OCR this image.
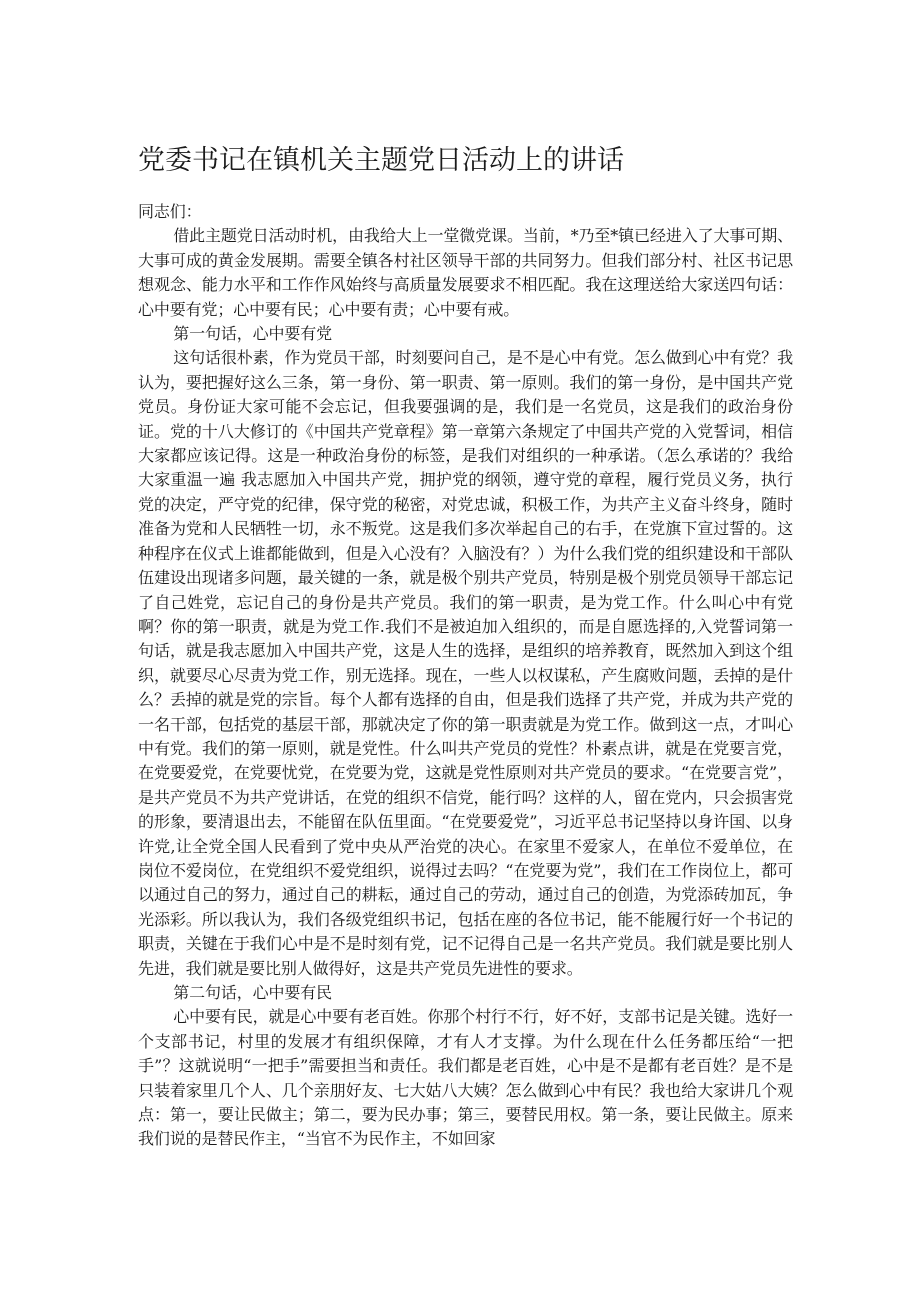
党委书记在镇机关主题党日活动上的讲话

同志们：

借此主题党日活动时机，由我给大上一堂微党课。当前，*乃至*镇已经进入了大事可期、大事可成的黄金发展期。需要全镇各村社区领导干部的共同努力。但我们部分村、社区书记思想观念、能力水平和工作作风始终与高质量发展要求不相匹配。我在这理送给大家送四句话：心中要有党；心中要有民；心中要有责；心中要有戒。

第一句话，心中要有党

这句话很朴素，作为党员干部，时刻要问自己，是不是心中有党。怎么做到心中有党？我认为，要把握好这么三条，第一身份、第一职责、第一原则。我们的第一身份，是中国共产党党员。身份证大家可能不会忘记，但我要强调的是，我们是一名党员，这是我们的政治身份证。党的十八大修订的《中国共产党章程》第一章第六条规定了中国共产党的入党誓词，相信大家都应该记得。这是一种政治身份的标签，是我们对组织的一种承诺。（怎么承诺的？我给大家重温一遍 我志愿加入中国共产党，拥护党的纲领，遵守党的章程，履行党员义务，执行党的决定，严守党的纪律，保守党的秘密，对党忠诚，积极工作，为共产主义奋斗终身，随时准备为党和人民牺牲一切，永不叛党。这是我们多次举起自己的右手，在党旗下宣过誓的。这种程序在仪式上谁都能做到，但是入心没有？入脑没有？）为什么我们党的组织建设和干部队伍建设出现诸多问题，最关键的一条，就是极个别共产党员，特别是极个别党员领导干部忘记了自己姓党，忘记自己的身份是共产党员。我们的第一职责，是为党工作。什么叫心中有党啊？你的第一职责，就是为党工作.我们不是被迫加入组织的，而是自愿选择的,入党誓词第一句话，就是我志愿加入中国共产党，这是人生的选择，是组织的培养教育，既然加入到这个组织，就要尽心尽责为党工作，别无选择。现在，一些人以权谋私，产生腐败问题，丢掉的是什么？丢掉的就是党的宗旨。每个人都有选择的自由，但是我们选择了共产党，并成为共产党的一名干部，包括党的基层干部，那就决定了你的第一职责就是为党工作。做到这一点，才叫心中有党。我们的第一原则，就是党性。什么叫共产党员的党性？朴素点讲，就是在党要言党，在党要爱党，在党要忧党，在党要为党，这就是党性原则对共产党员的要求。“在党要言党”，是共产党员不为共产党讲话，在党的组织不信党，能行吗？这样的人，留在党内，只会损害党的形象，要清退出去，不能留在队伍里面。“在党要爱党”，习近平总书记坚持以身许国、以身许党,让全党全国人民看到了党中央从严治党的决心。在家里不爱家人，在单位不爱单位，在岗位不爱岗位，在党组织不爱党组织，说得过去吗？“在党要为党”，我们在工作岗位上，都可以通过自己的努力，通过自己的耕耘，通过自己的劳动，通过自己的创造，为党添砖加瓦，争光添彩。所以我认为，我们各级党组织书记，包括在座的各位书记，能不能履行好一个书记的职责，关键在于我们心中是不是时刻有党，记不记得自己是一名共产党员。我们就是要比别人先进，我们就是要比别人做得好，这是共产党员先进性的要求。

第二句话，心中要有民

心中要有民，就是心中要有老百姓。你那个村行不行，好不好，支部书记是关键。选好一个支部书记，村里的发展才有组织保障，才有人才支撑。为什么现在什么任务都压给“一把手”？这就说明“一把手”需要担当和责任。我们都是老百姓，心中是不是都有老百姓？是不是只装着家里几个人、几个亲朋好友、七大姑八大姨？怎么做到心中有民？我也给大家讲几个观点：第一，要让民做主；第二，要为民办事；第三，要替民用权。第一条，要让民做主。原来我们说的是替民作主，“当官不为民作主，不如回家
